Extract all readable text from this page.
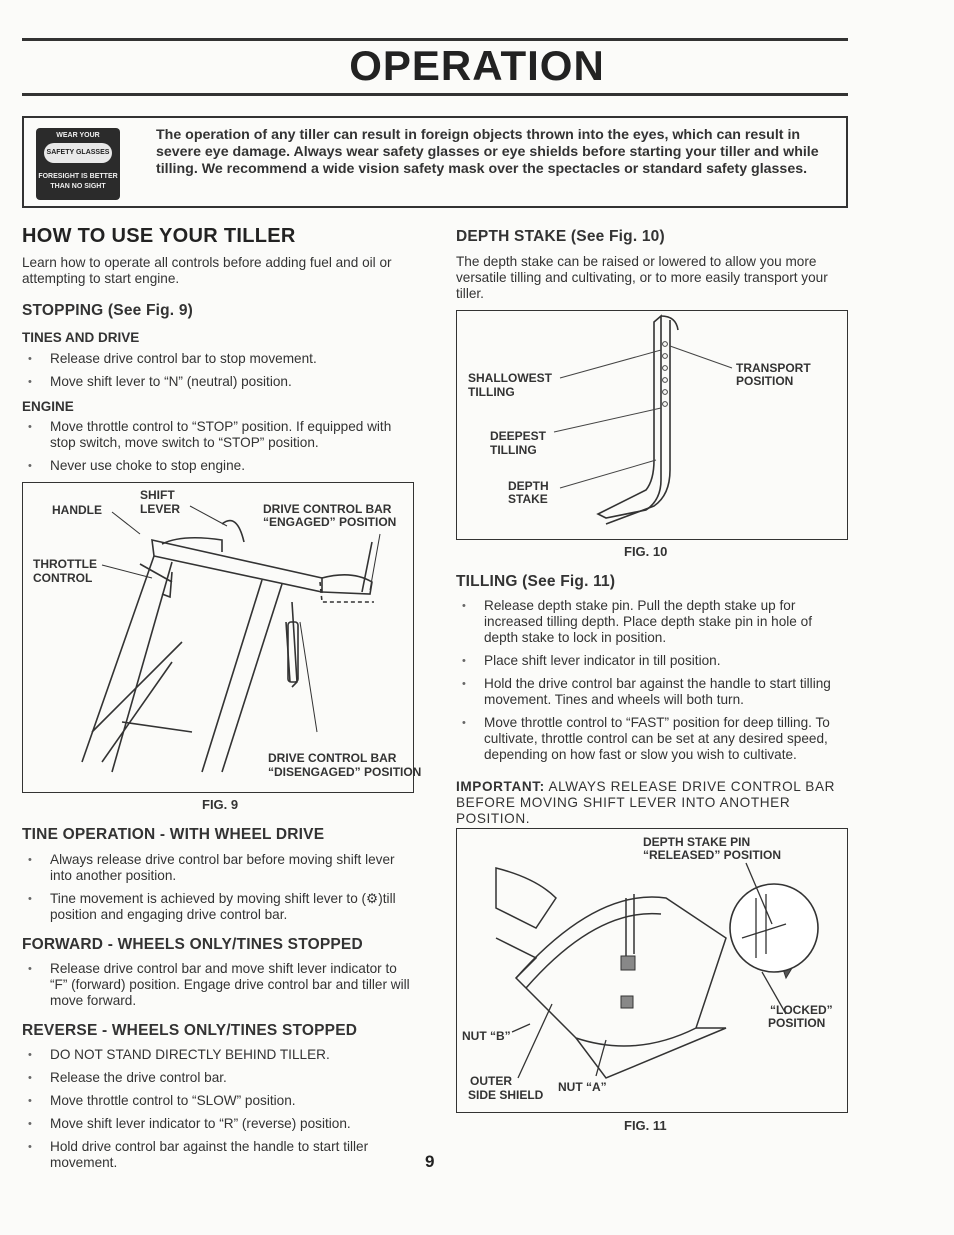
OPERATION
WEAR YOUR
SAFETY GLASSES
FORESIGHT IS BETTER
THAN NO SIGHT
The operation of any tiller can result in foreign objects thrown into the eyes, which can result in severe eye damage. Always wear safety glasses or eye shields before starting your tiller and while tilling. We recommend a wide vision safety mask over the spectacles or standard safety glasses.
HOW TO USE YOUR TILLER

Learn how to operate all controls before adding fuel and oil or attempting to start engine.

STOPPING (See Fig. 9)
TINES AND DRIVE
• Release drive control bar to stop movement.
• Move shift lever to “N” (neutral) position.
ENGINE
• Move throttle control to “STOP” position. If equipped with stop switch, move switch to “STOP” position.
• Never use choke to stop engine.
SHIFT
HANDLE	LEVER	DRIVE CONTROL BAR
“ENGAGED” POSITION
THROTTLE
CONTROL
DRIVE CONTROL BAR
“DISENGAGED” POSITION
FIG. 9
TINE OPERATION - WITH WHEEL DRIVE
• Always release drive control bar before moving shift lever into another position.
• Tine movement is achieved by moving shift lever to (⚙)till position and engaging drive control bar.
FORWARD - WHEELS ONLY/TINES STOPPED
• Release drive control bar and move shift lever indicator to “F” (forward) position. Engage drive control bar and tiller will move forward.
REVERSE - WHEELS ONLY/TINES STOPPED
• DO NOT STAND DIRECTLY BEHIND TILLER.
• Release the drive control bar.
• Move throttle control to “SLOW” position.
• Move shift lever indicator to “R” (reverse) position.
• Hold drive control bar against the handle to start tiller movement.	9
DEPTH STAKE (See Fig. 10)

The depth stake can be raised or lowered to allow you more versatile tilling and cultivating, or to more easily transport your tiller.

SHALLOWEST
TILLING
TRANSPORT
POSITION
DEEPEST
TILLING
DEPTH
STAKE
FIG. 10
TILLING (See Fig. 11)
• Release depth stake pin. Pull the depth stake up for increased tilling depth. Place depth stake pin in hole of depth stake to lock in position.
• Place shift lever indicator in till position.
• Hold the drive control bar against the handle to start tilling movement. Tines and wheels will both turn.
• Move throttle control to “FAST” position for deep tilling. To cultivate, throttle control can be set at any desired speed, depending on how fast or slow you wish to cultivate.

IMPORTANT: ALWAYS RELEASE DRIVE CONTROL BAR BEFORE MOVING SHIFT LEVER INTO ANOTHER POSITION.

DEPTH STAKE PIN
“RELEASED” POSITION
“LOCKED”
POSITION
NUT “B”
OUTER
SIDE SHIELD
NUT “A”
FIG. 11
